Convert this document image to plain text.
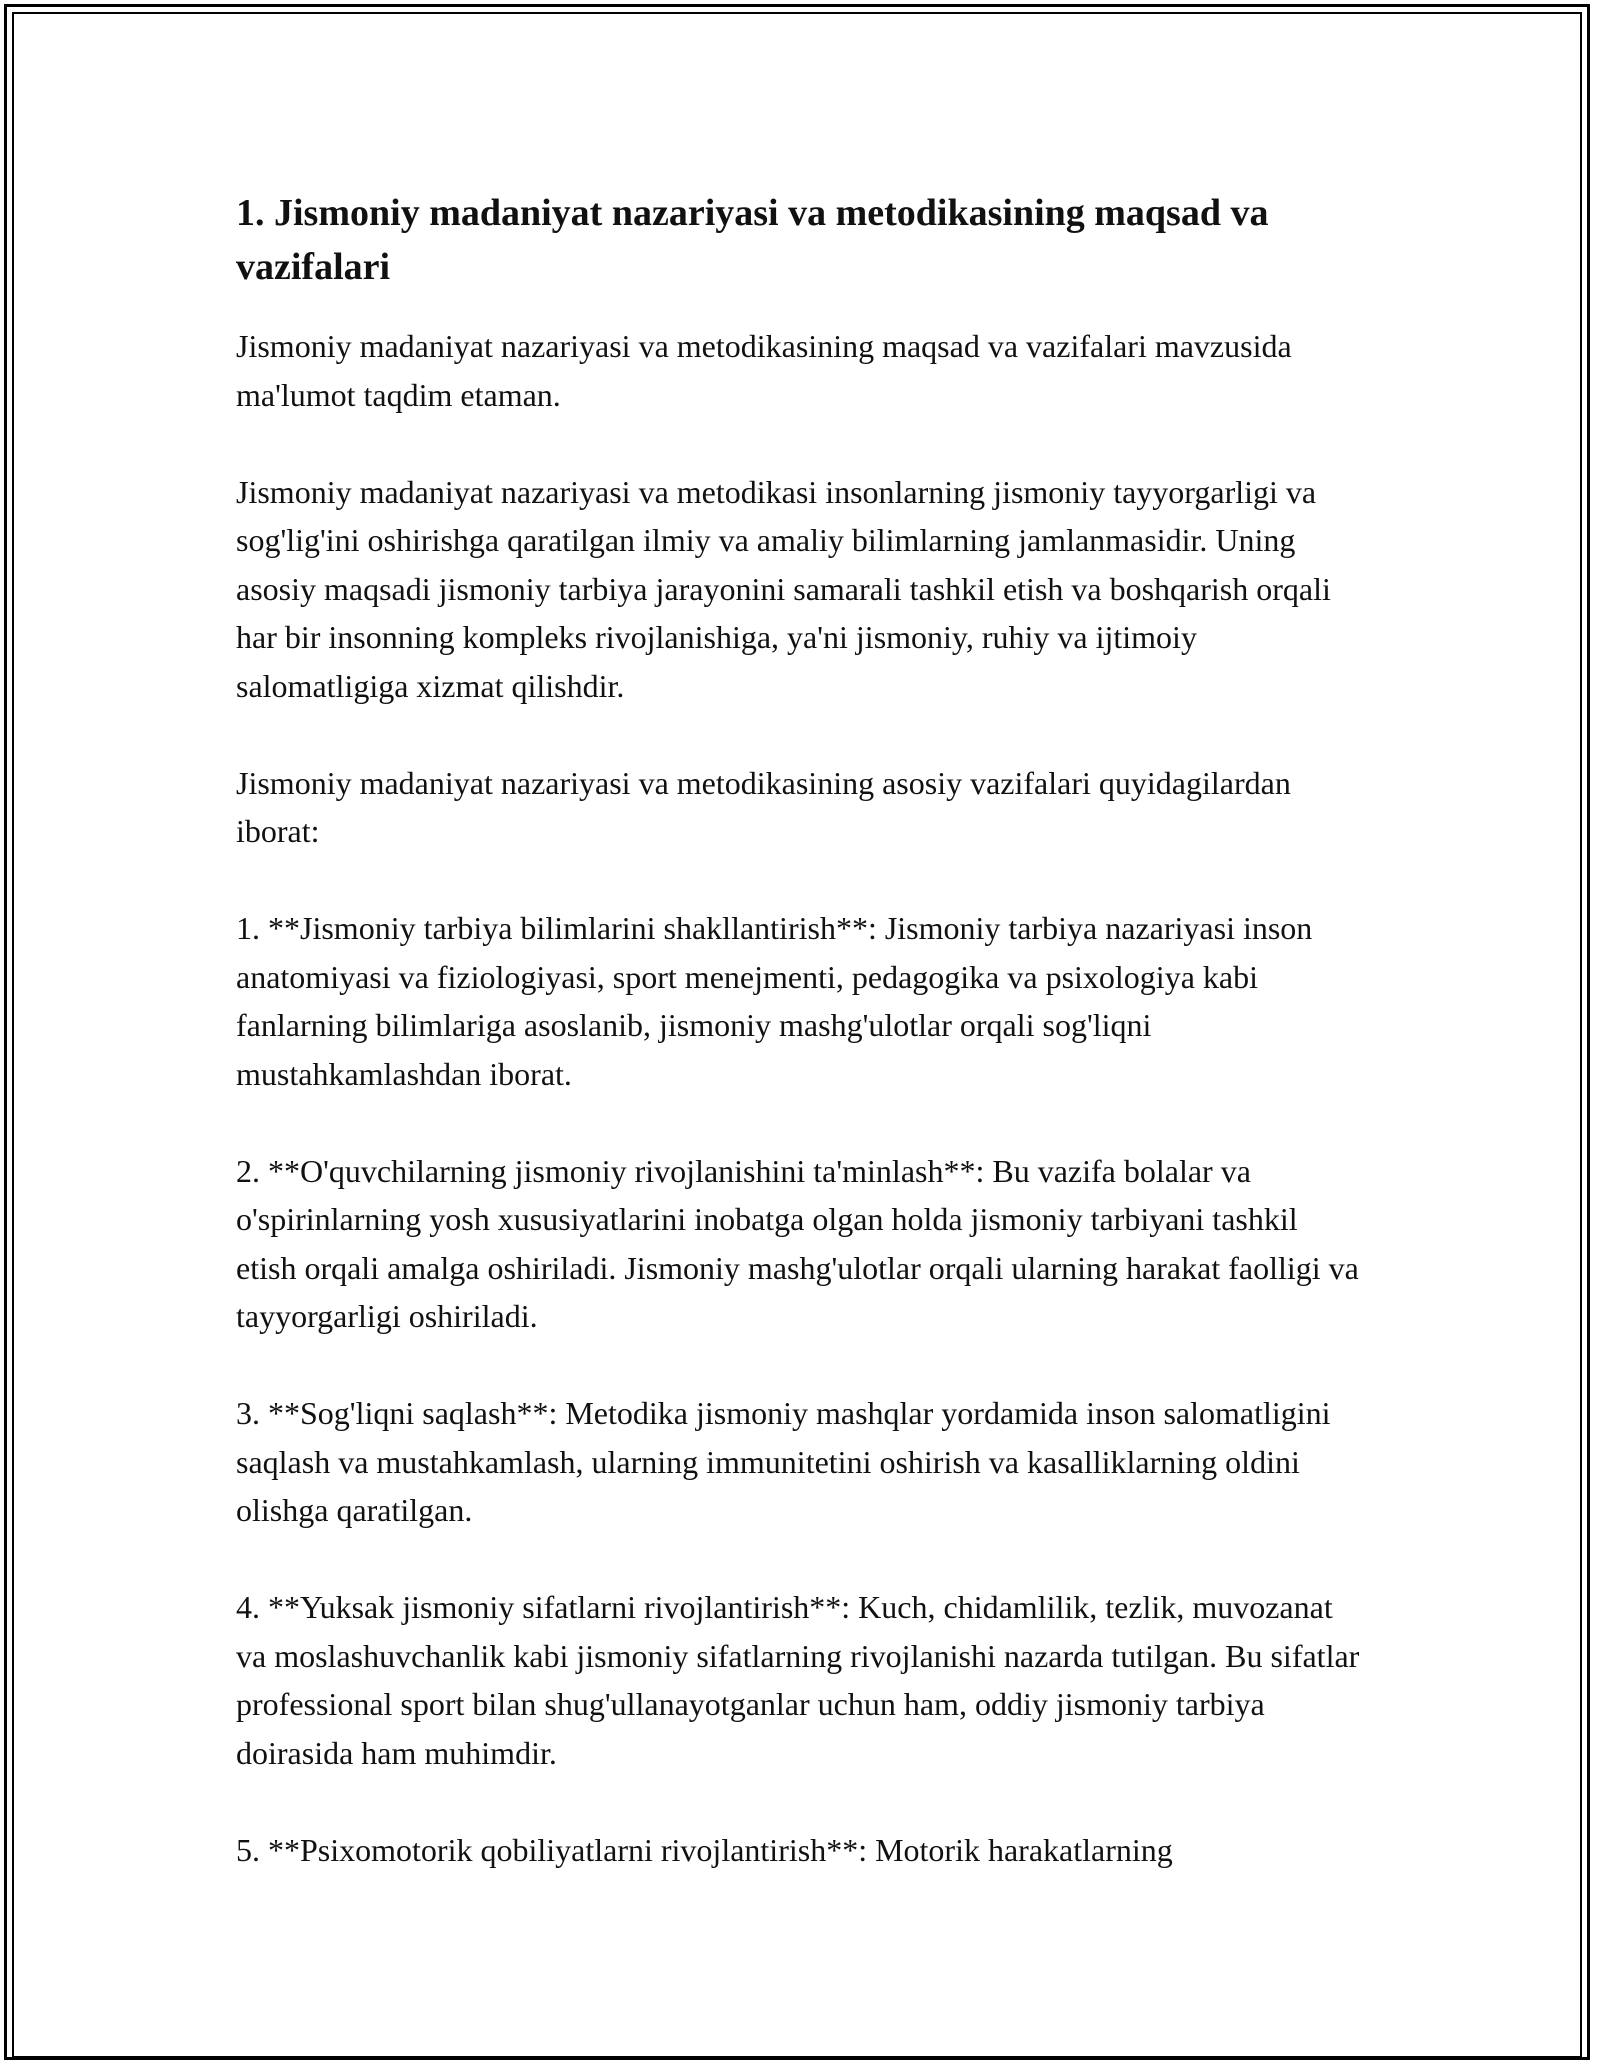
1. Jismoniy madaniyat nazariyasi va metodikasining maqsad va vazifalari

Jismoniy madaniyat nazariyasi va metodikasining maqsad va vazifalari mavzusida ma'lumot taqdim etaman.

Jismoniy madaniyat nazariyasi va metodikasi insonlarning jismoniy tayyorgarligi va sog'lig'ini oshirishga qaratilgan ilmiy va amaliy bilimlarning jamlanmasidir. Uning asosiy maqsadi jismoniy tarbiya jarayonini samarali tashkil etish va boshqarish orqali har bir insonning kompleks rivojlanishiga, ya'ni jismoniy, ruhiy va ijtimoiy salomatligiga xizmat qilishdir.

Jismoniy madaniyat nazariyasi va metodikasining asosiy vazifalari quyidagilardan iborat:

1. **Jismoniy tarbiya bilimlarini shakllantirish**: Jismoniy tarbiya nazariyasi inson anatomiyasi va fiziologiyasi, sport menejmenti, pedagogika va psixologiya kabi fanlarning bilimlariga asoslanib, jismoniy mashg'ulotlar orqali sog'liqni mustahkamlashdan iborat.

2. **O'quvchilarning jismoniy rivojlanishini ta'minlash**: Bu vazifa bolalar va o'spirinlarning yosh xususiyatlarini inobatga olgan holda jismoniy tarbiyani tashkil etish orqali amalga oshiriladi. Jismoniy mashg'ulotlar orqali ularning harakat faolligi va tayyorgarligi oshiriladi.

3. **Sog'liqni saqlash**: Metodika jismoniy mashqlar yordamida inson salomatligini saqlash va mustahkamlash, ularning immunitetini oshirish va kasalliklarning oldini olishga qaratilgan.

4. **Yuksak jismoniy sifatlarni rivojlantirish**: Kuch, chidamlilik, tezlik, muvozanat va moslashuvchanlik kabi jismoniy sifatlarning rivojlanishi nazarda tutilgan. Bu sifatlar professional sport bilan shug'ullanayotganlar uchun ham, oddiy jismoniy tarbiya doirasida ham muhimdir.

5. **Psixomotorik qobiliyatlarni rivojlantirish**: Motorik harakatlarning
